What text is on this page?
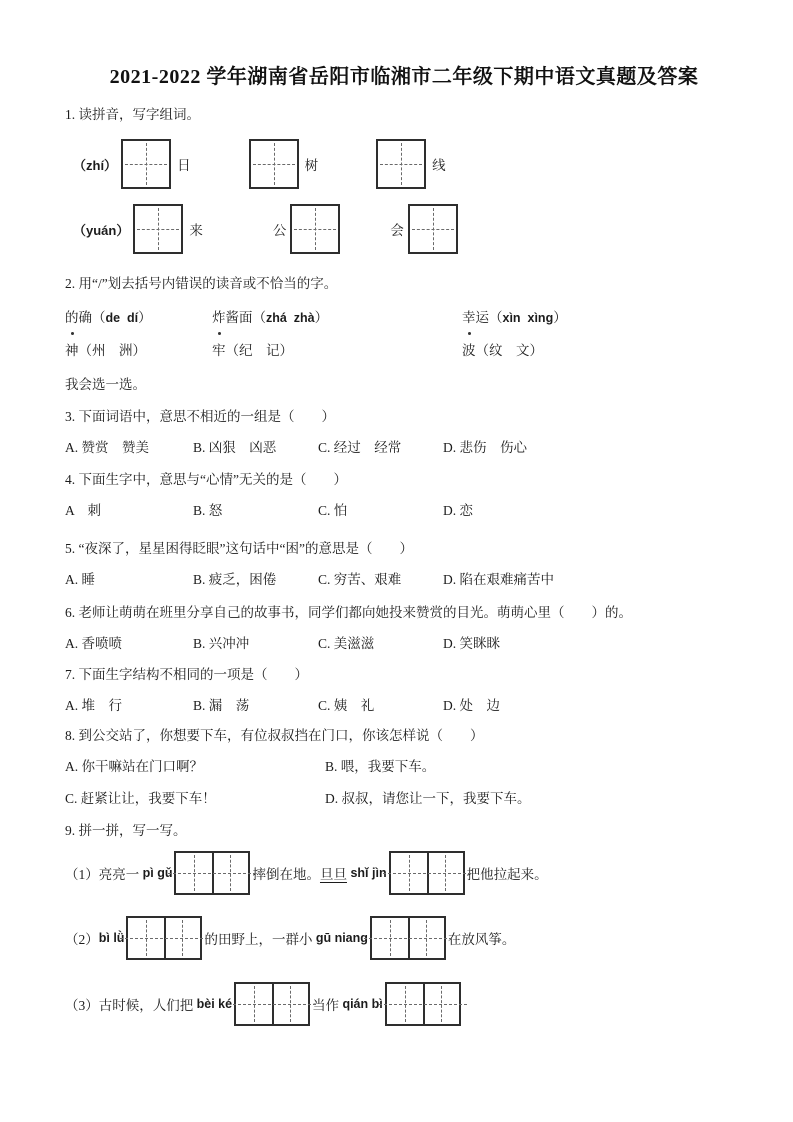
2021-2022 学年湖南省岳阳市临湘市二年级下期中语文真题及答案

1. 读拼音，写字组词。

（zhí）	日	树	线
（yuán）	来	公	会

2. 用“/”划去括号内错误的读音或不恰当的字。

的确（de  dí）	炸酱面（zhá  zhà）	幸运（xìn  xìng）
神（州　洲）	牢（纪　记）	波（纹　文）

我会选一选。

3. 下面词语中，意思不相近的一组是（　　）

A. 赞赏　赞美	B. 凶狠　凶恶	C. 经过　经常	D. 悲伤　伤心

4. 下面生字中，意思与“心情”无关的是（　　）

A　刺	B. 怒	C. 怕	D. 恋

5. “夜深了，星星困得眨眼”这句话中“困”的意思是（　　）

A. 睡	B. 疲乏，困倦	C. 穷苦、艰难	D. 陷在艰难痛苦中

6. 老师让萌萌在班里分享自己的故事书，同学们都向她投来赞赏的目光。萌萌心里（　　）的。

A. 香喷喷	B. 兴冲冲	C. 美滋滋	D. 笑眯眯

7. 下面生字结构不相同的一项是（　　）

A. 堆　行	B. 漏　荡	C. 姨　礼	D. 处　边

8. 到公交站了，你想要下车，有位叔叔挡在门口，你该怎样说（　　）

A. 你干嘛站在门口啊？	B. 喂，我要下车。
C. 赶紧让让，我要下车！	D. 叔叔，请您让一下，我要下车。

9. 拼一拼，写一写。

（1）亮亮一 pì gǔ	摔倒在地。 旦旦 shǐ jìn	把他拉起来。
（2） bì lǜ	的田野上，一群小 gū niang	在放风筝。
（3）古时候，人们把 bèi ké	当作 qián bì
